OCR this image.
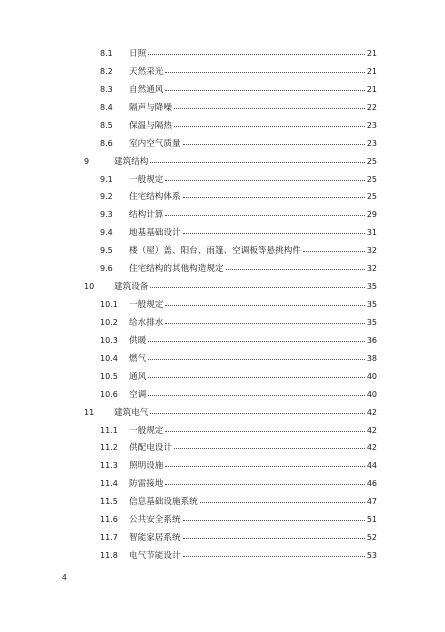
8.1 日照	21
8.2 天然采光	21
8.3 自然通风	21
8.4 隔声与降噪	22
8.5 保温与隔热	23
8.6 室内空气质量	23
9	建筑结构	25
9.1 一般规定	25
9.2 住宅结构体系	25
9.3 结构计算	29
9.4 地基基础设计	31
9.5 楼（屋）盖、阳台、雨篷、空调板等悬挑构件	32
9.6 住宅结构的其他构造规定	32
10 建筑设备	35
10.1 一般规定	35
10.2 给水排水	35
10.3 供暖	36
10.4 燃气	38
10.5 通风	40
10.6 空调	40
11 建筑电气	42
11.1 一般规定	42
11.2 供配电设计	42
11.3 照明设施	44
11.4 防雷接地	46
11.5 信息基础设施系统	47
11.6 公共安全系统	51
11.7 智能家居系统	52
11.8 电气节能设计	53
4
